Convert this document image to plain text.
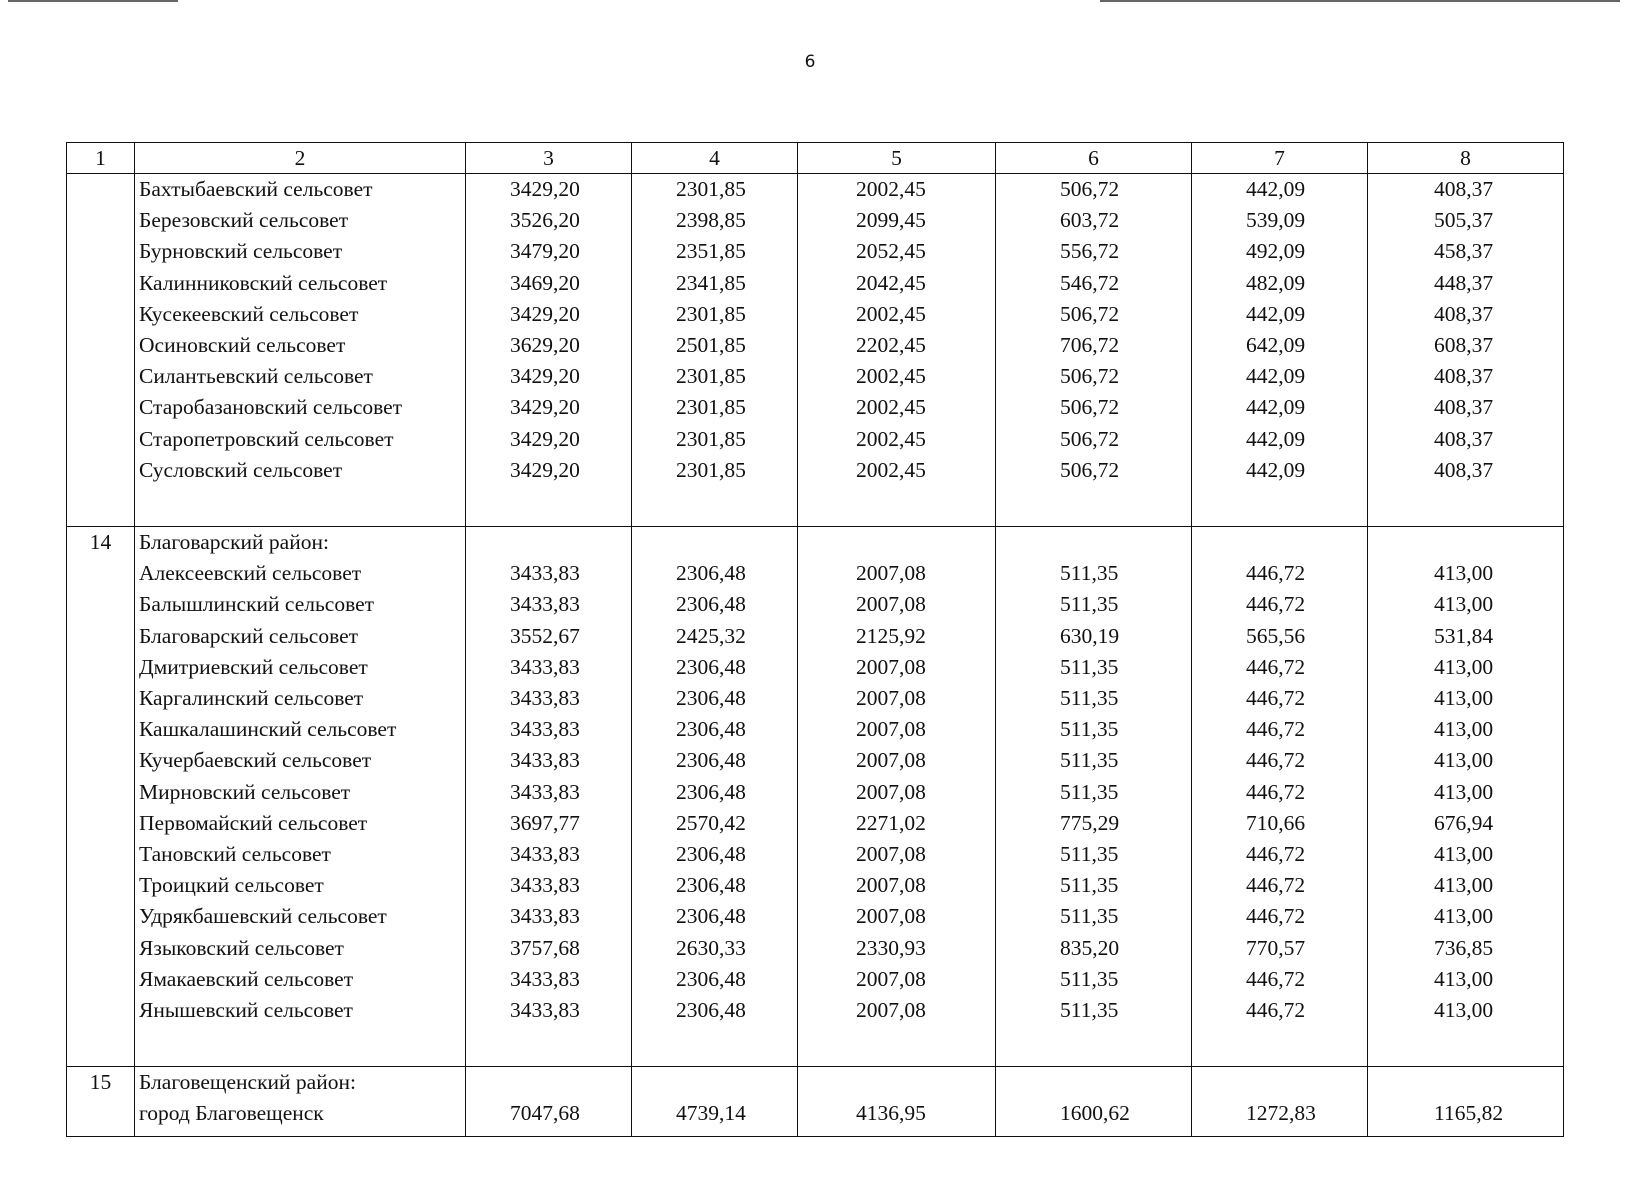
6
1	2	3	4	5	6	7	8
	Бахтыбаевский сельсовет	3429,20	2301,85	2002,45	506,72	442,09	408,37
	Березовский сельсовет	3526,20	2398,85	2099,45	603,72	539,09	505,37
	Бурновский сельсовет	3479,20	2351,85	2052,45	556,72	492,09	458,37
	Калинниковский сельсовет	3469,20	2341,85	2042,45	546,72	482,09	448,37
	Кусекеевский сельсовет	3429,20	2301,85	2002,45	506,72	442,09	408,37
	Осиновский сельсовет	3629,20	2501,85	2202,45	706,72	642,09	608,37
	Силантьевский сельсовет	3429,20	2301,85	2002,45	506,72	442,09	408,37
	Старобазановский сельсовет	3429,20	2301,85	2002,45	506,72	442,09	408,37
	Старопетровский сельсовет	3429,20	2301,85	2002,45	506,72	442,09	408,37
	Сусловский сельсовет	3429,20	2301,85	2002,45	506,72	442,09	408,37

14	Благоварский район:						
	Алексеевский сельсовет	3433,83	2306,48	2007,08	511,35	446,72	413,00
	Балышлинский сельсовет	3433,83	2306,48	2007,08	511,35	446,72	413,00
	Благоварский сельсовет	3552,67	2425,32	2125,92	630,19	565,56	531,84
	Дмитриевский сельсовет	3433,83	2306,48	2007,08	511,35	446,72	413,00
	Каргалинский сельсовет	3433,83	2306,48	2007,08	511,35	446,72	413,00
	Кашкалашинский сельсовет	3433,83	2306,48	2007,08	511,35	446,72	413,00
	Кучербаевский сельсовет	3433,83	2306,48	2007,08	511,35	446,72	413,00
	Мирновский сельсовет	3433,83	2306,48	2007,08	511,35	446,72	413,00
	Первомайский сельсовет	3697,77	2570,42	2271,02	775,29	710,66	676,94
	Тановский сельсовет	3433,83	2306,48	2007,08	511,35	446,72	413,00
	Троицкий сельсовет	3433,83	2306,48	2007,08	511,35	446,72	413,00
	Удрякбашевский сельсовет	3433,83	2306,48	2007,08	511,35	446,72	413,00
	Языковский сельсовет	3757,68	2630,33	2330,93	835,20	770,57	736,85
	Ямакаевский сельсовет	3433,83	2306,48	2007,08	511,35	446,72	413,00
	Янышевский сельсовет	3433,83	2306,48	2007,08	511,35	446,72	413,00

15	Благовещенский район:						
	город Благовещенск	7047,68	4739,14	4136,95	1600,62	1272,83	1165,82
